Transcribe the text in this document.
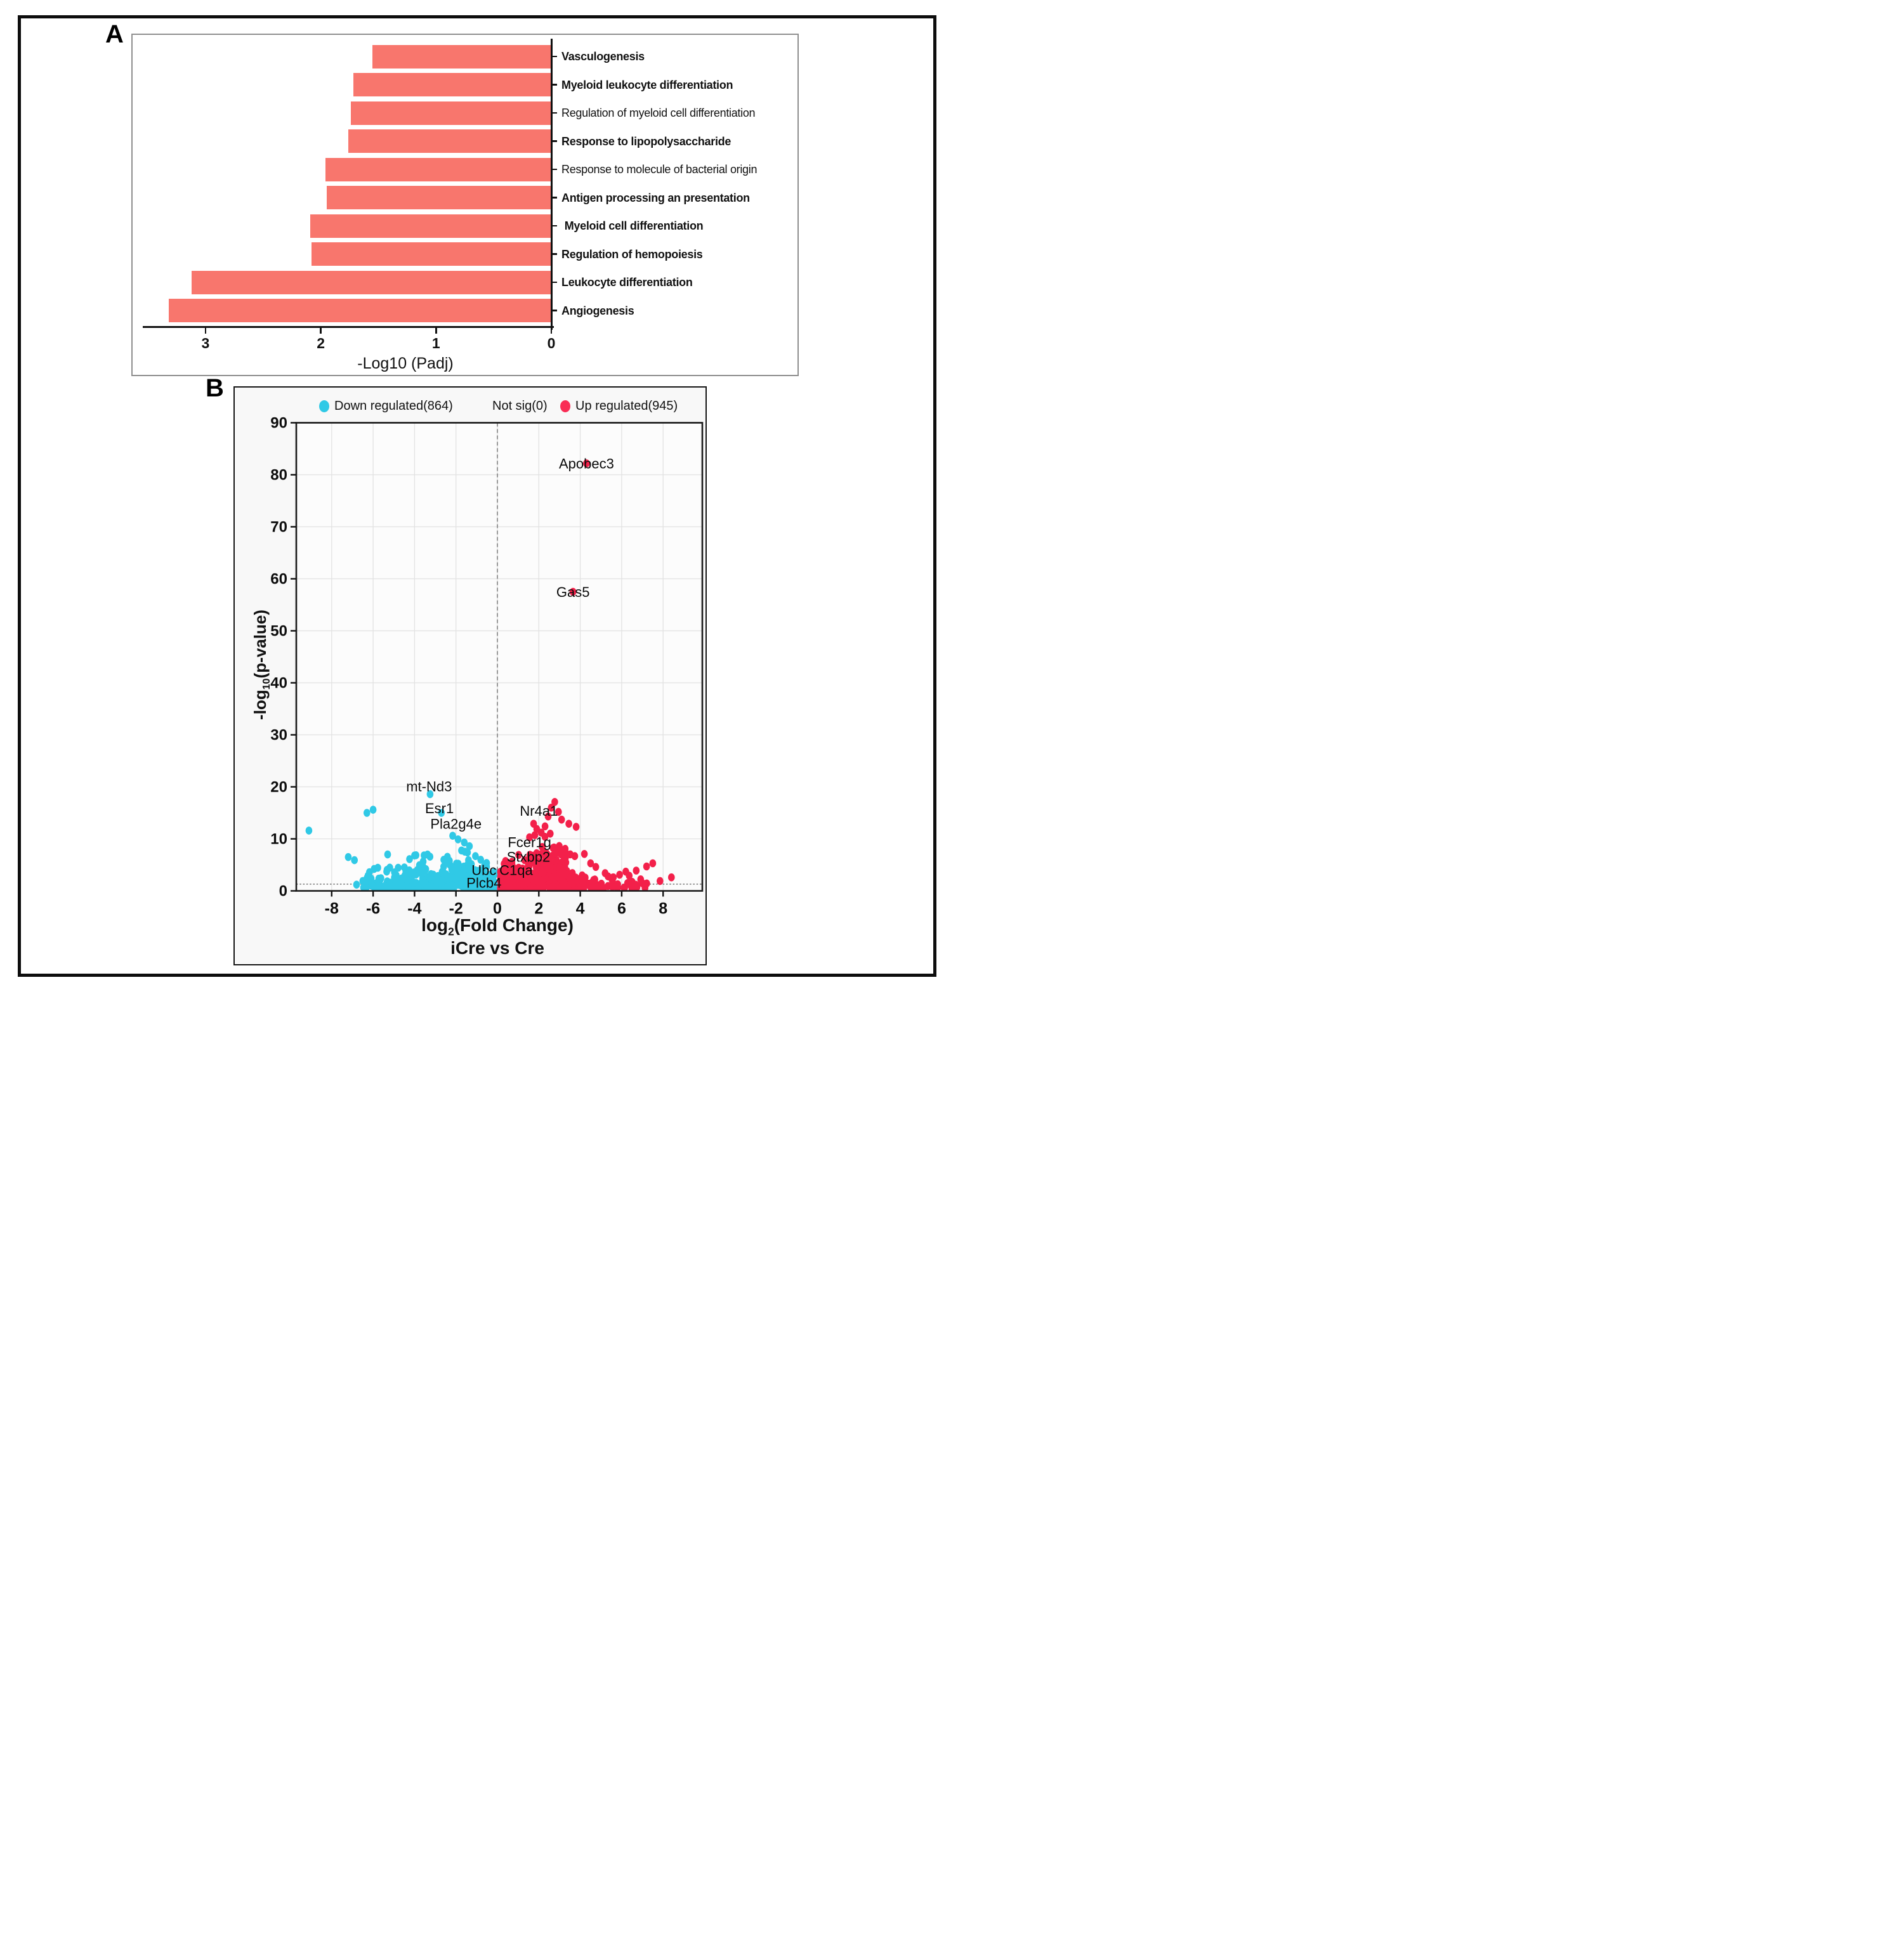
A
Vasculogenesis
Myeloid leukocyte differentiation
Regulation of myeloid cell differentiation
Response to lipopolysaccharide
Response to molecule of bacterial origin
Antigen processing an presentation
Myeloid cell differentiation
Regulation of hemopoiesis
Leukocyte differentiation
Angiogenesis
3	2	1	0
-Log10 (Padj)
B
Down regulated(864)	Not sig(0) Up regulated(945)
-8 -6 -4 -2 0 2 4 6 8
0
10
20
30
40
50
60
70
80
90
Apobec3
Gas5
mt-Nd3
Esr1
Pla2g4e
Nr4a1
Fcer1g
Stxbp2
Ubc C1qa
Plcb4
$-\log_{10}(p-value)$
$\log_2(Fold$ Change)
iCre vs Cre
